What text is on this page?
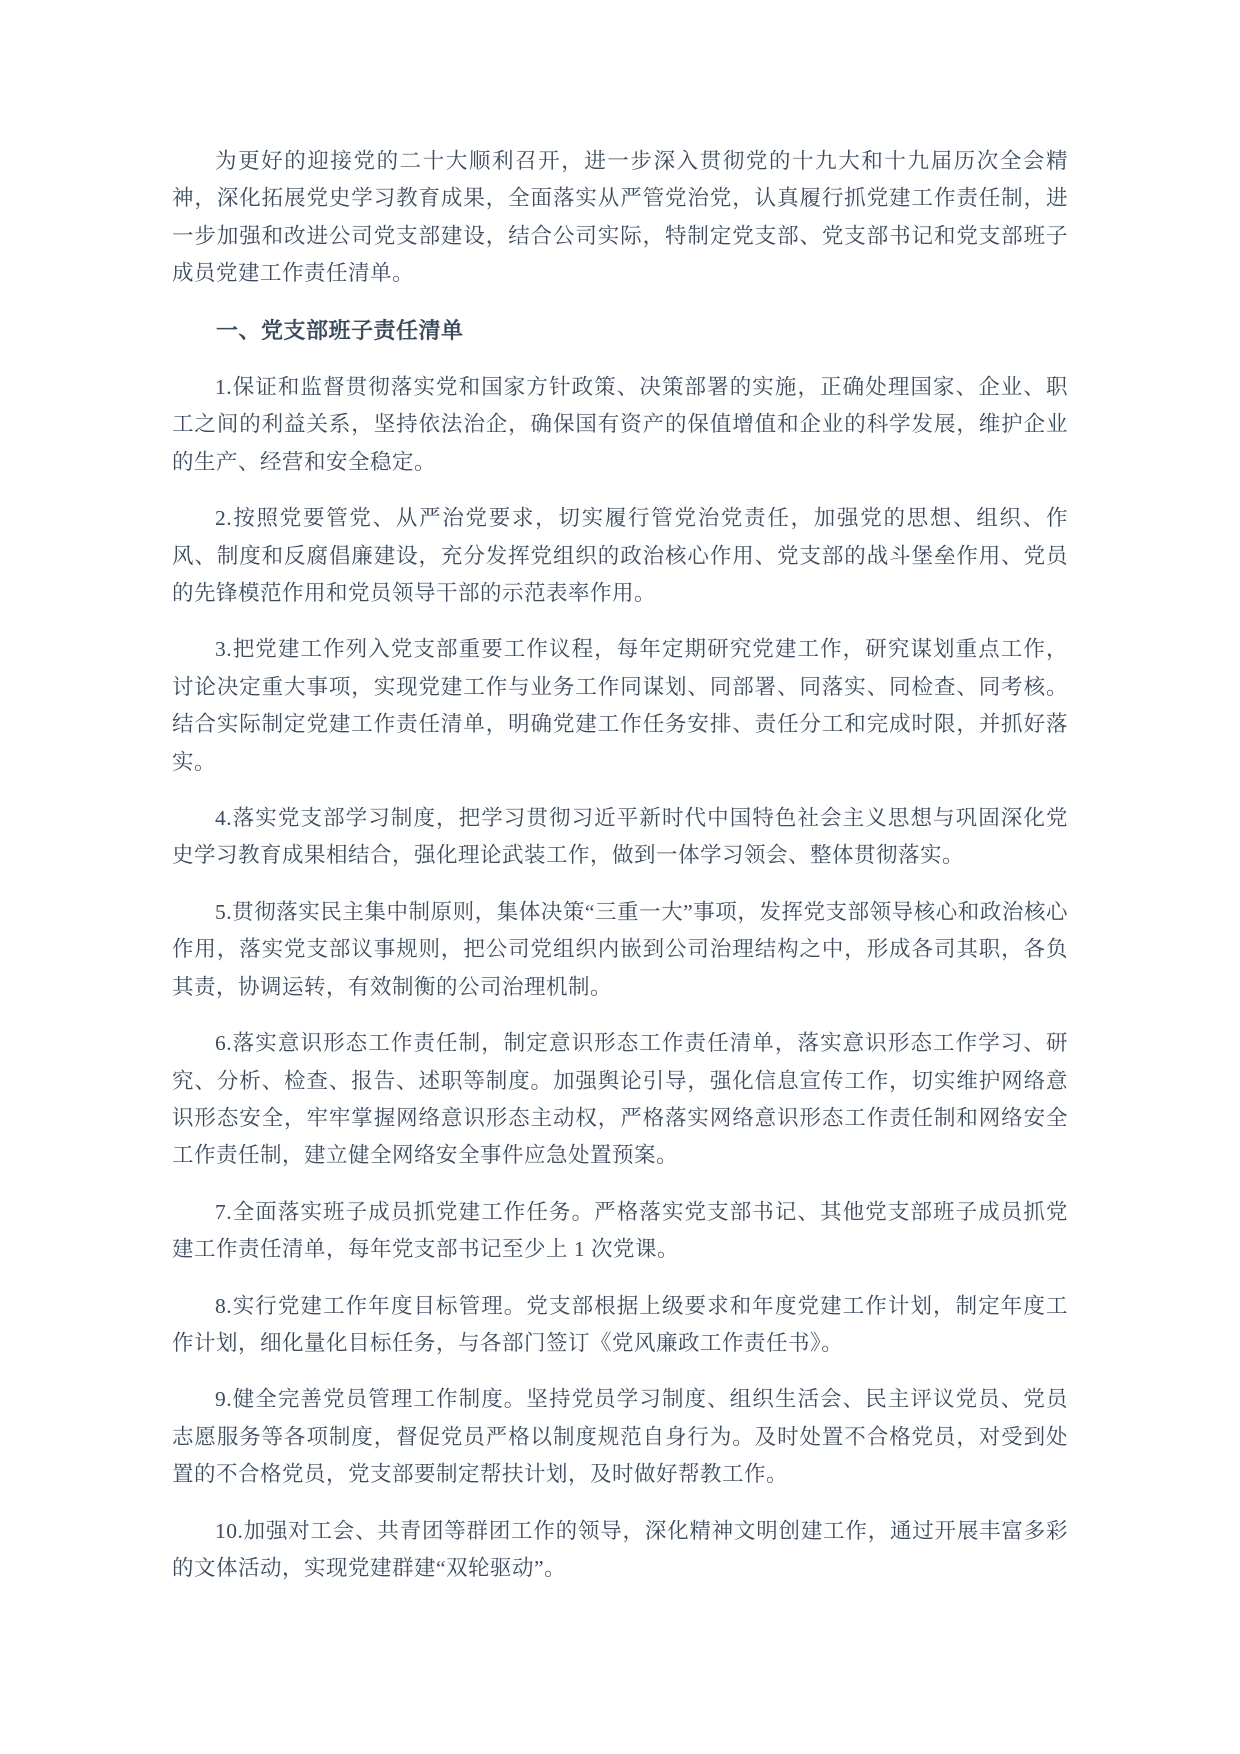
为更好的迎接党的二十大顺利召开，进一步深入贯彻党的十九大和十九届历次全会精神，深化拓展党史学习教育成果，全面落实从严管党治党，认真履行抓党建工作责任制，进一步加强和改进公司党支部建设，结合公司实际，特制定党支部、党支部书记和党支部班子成员党建工作责任清单。

一、党支部班子责任清单

1.保证和监督贯彻落实党和国家方针政策、决策部署的实施，正确处理国家、企业、职工之间的利益关系，坚持依法治企，确保国有资产的保值增值和企业的科学发展，维护企业的生产、经营和安全稳定。

2.按照党要管党、从严治党要求，切实履行管党治党责任，加强党的思想、组织、作风、制度和反腐倡廉建设，充分发挥党组织的政治核心作用、党支部的战斗堡垒作用、党员的先锋模范作用和党员领导干部的示范表率作用。

3.把党建工作列入党支部重要工作议程，每年定期研究党建工作，研究谋划重点工作，讨论决定重大事项，实现党建工作与业务工作同谋划、同部署、同落实、同检查、同考核。结合实际制定党建工作责任清单，明确党建工作任务安排、责任分工和完成时限，并抓好落实。

4.落实党支部学习制度，把学习贯彻习近平新时代中国特色社会主义思想与巩固深化党史学习教育成果相结合，强化理论武装工作，做到一体学习领会、整体贯彻落实。

5.贯彻落实民主集中制原则，集体决策“三重一大”事项，发挥党支部领导核心和政治核心作用，落实党支部议事规则，把公司党组织内嵌到公司治理结构之中，形成各司其职，各负其责，协调运转，有效制衡的公司治理机制。

6.落实意识形态工作责任制，制定意识形态工作责任清单，落实意识形态工作学习、研究、分析、检查、报告、述职等制度。加强舆论引导，强化信息宣传工作，切实维护网络意识形态安全，牢牢掌握网络意识形态主动权，严格落实网络意识形态工作责任制和网络安全工作责任制，建立健全网络安全事件应急处置预案。

7.全面落实班子成员抓党建工作任务。严格落实党支部书记、其他党支部班子成员抓党建工作责任清单，每年党支部书记至少上 1 次党课。

8.实行党建工作年度目标管理。党支部根据上级要求和年度党建工作计划，制定年度工作计划，细化量化目标任务，与各部门签订《党风廉政工作责任书》。

9.健全完善党员管理工作制度。坚持党员学习制度、组织生活会、民主评议党员、党员志愿服务等各项制度，督促党员严格以制度规范自身行为。及时处置不合格党员，对受到处置的不合格党员，党支部要制定帮扶计划，及时做好帮教工作。

10.加强对工会、共青团等群团工作的领导，深化精神文明创建工作，通过开展丰富多彩的文体活动，实现党建群建“双轮驱动”。
